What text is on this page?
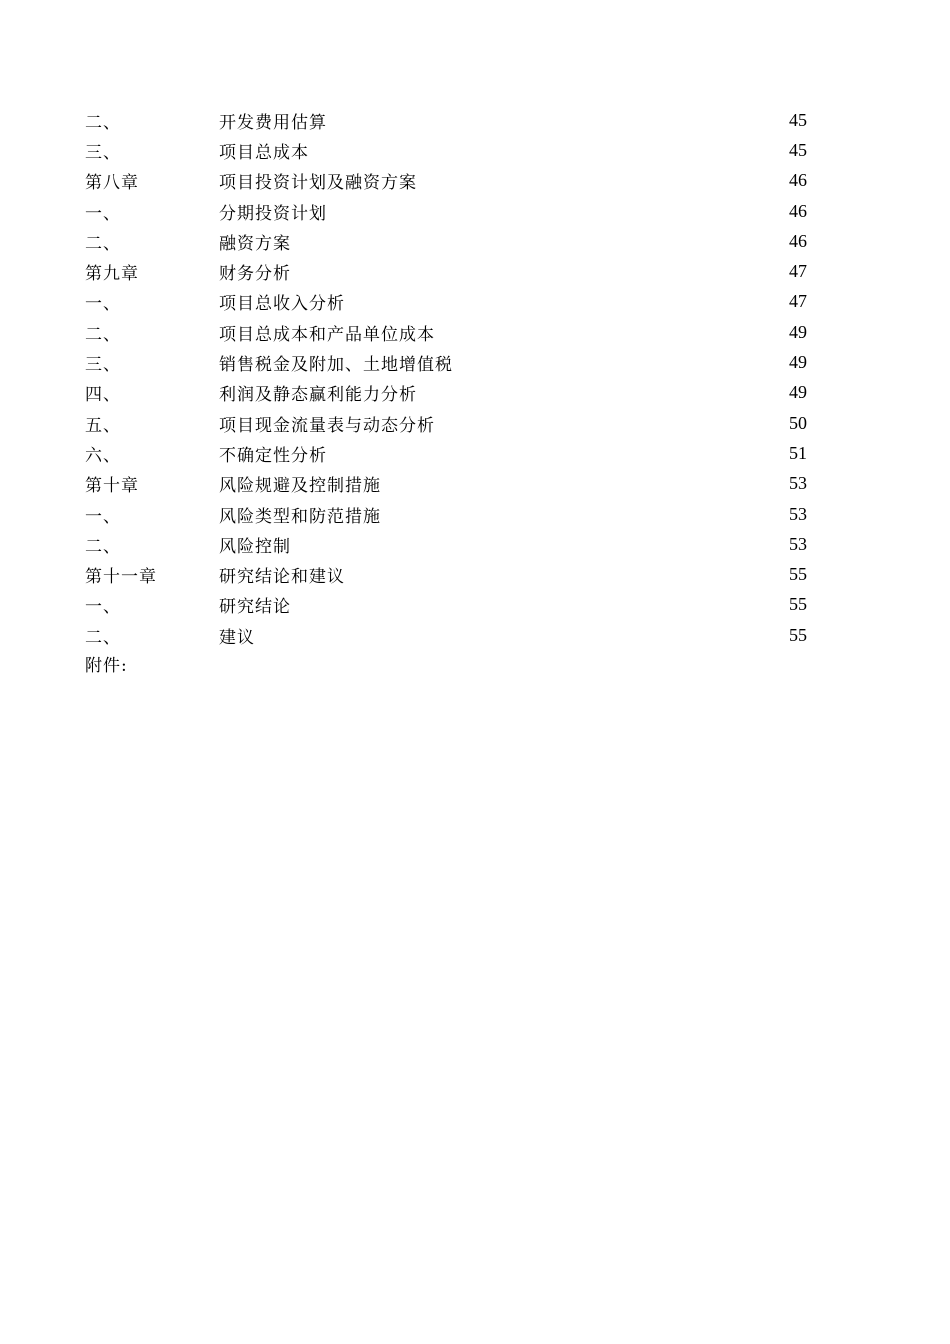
二、	开发费用估算	45
三、	项目总成本	45
第八章	项目投资计划及融资方案	46
一、	分期投资计划	46
二、	融资方案	46
第九章	财务分析	47
一、	项目总收入分析	47
二、	项目总成本和产品单位成本	49
三、	销售税金及附加、土地增值税	49
四、	利润及静态赢利能力分析	49
五、	项目现金流量表与动态分析	50
六、	不确定性分析	51
第十章	风险规避及控制措施	53
一、	风险类型和防范措施	53
二、	风险控制	53
第十一章	研究结论和建议	55
一、	研究结论	55
二、	建议	55
附件:
